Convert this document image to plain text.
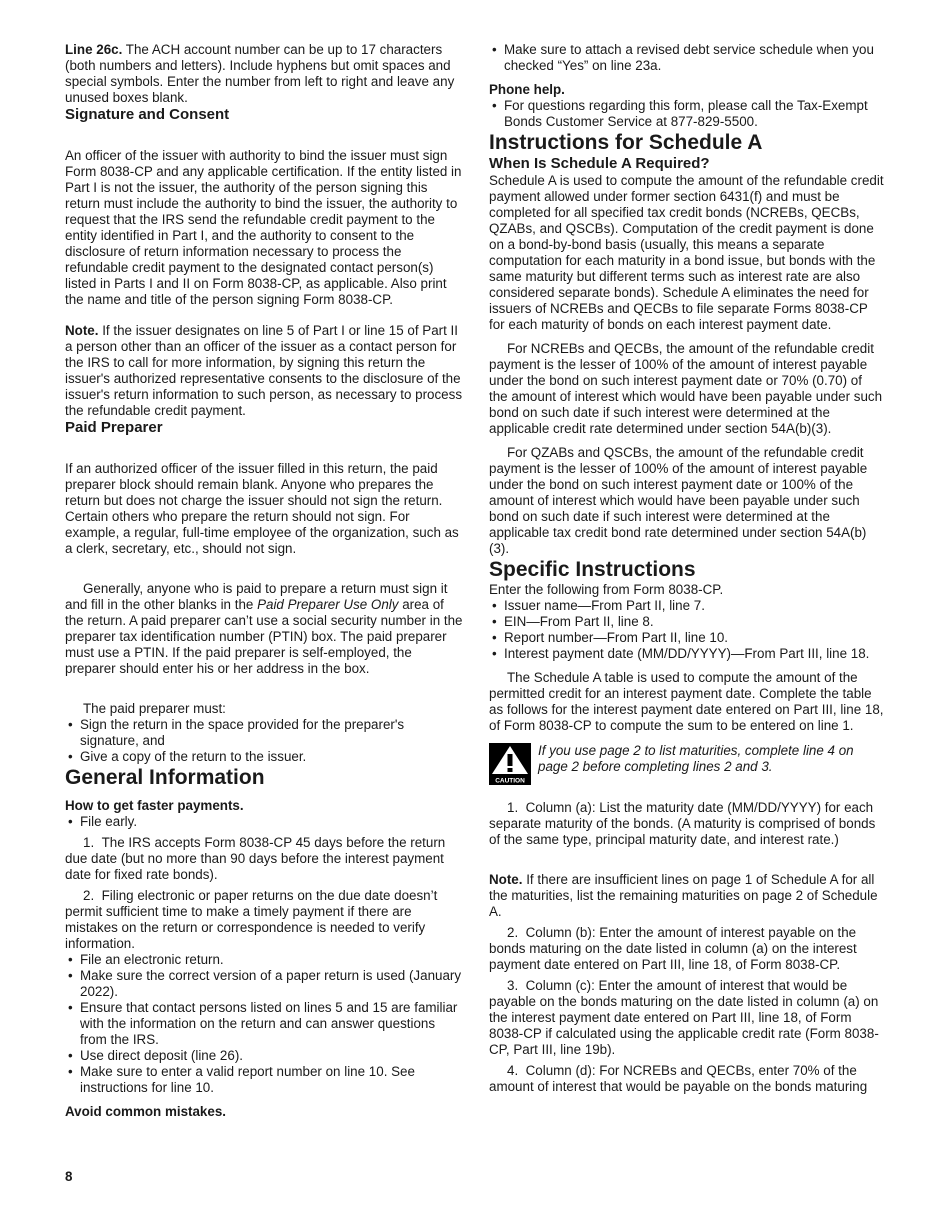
Line 26c. The ACH account number can be up to 17 characters (both numbers and letters). Include hyphens but omit spaces and special symbols. Enter the number from left to right and leave any unused boxes blank.

Signature and Consent

An officer of the issuer with authority to bind the issuer must sign Form 8038-CP and any applicable certification. If the entity listed in Part I is not the issuer, the authority of the person signing this return must include the authority to bind the issuer, the authority to request that the IRS send the refundable credit payment to the entity identified in Part I, and the authority to consent to the disclosure of return information necessary to process the refundable credit payment to the designated contact person(s) listed in Parts I and II on Form 8038-CP, as applicable. Also print the name and title of the person signing Form 8038-CP.

Note. If the issuer designates on line 5 of Part I or line 15 of Part II a person other than an officer of the issuer as a contact person for the IRS to call for more information, by signing this return the issuer's authorized representative consents to the disclosure of the issuer's return information to such person, as necessary to process the refundable credit payment.

Paid Preparer

If an authorized officer of the issuer filled in this return, the paid preparer block should remain blank. Anyone who prepares the return but does not charge the issuer should not sign the return. Certain others who prepare the return should not sign. For example, a regular, full-time employee of the organization, such as a clerk, secretary, etc., should not sign.

Generally, anyone who is paid to prepare a return must sign it and fill in the other blanks in the Paid Preparer Use Only area of the return. A paid preparer can’t use a social security number in the preparer tax identification number (PTIN) box. The paid preparer must use a PTIN. If the paid preparer is self-employed, the preparer should enter his or her address in the box.

The paid preparer must:

• Sign the return in the space provided for the preparer's signature, and
• Give a copy of the return to the issuer.
General Information

How to get faster payments.

• File early.

1.  The IRS accepts Form 8038-CP 45 days before the return due date (but no more than 90 days before the interest payment date for fixed rate bonds).

2.  Filing electronic or paper returns on the due date doesn’t permit sufficient time to make a timely payment if there are mistakes on the return or correspondence is needed to verify information.

• File an electronic return.
• Make sure the correct version of a paper return is used (January 2022).
• Ensure that contact persons listed on lines 5 and 15 are familiar with the information on the return and can answer questions from the IRS.
• Use direct deposit (line 26).
• Make sure to enter a valid report number on line 10. See instructions for line 10.

Avoid common mistakes.

8
• Make sure to attach a revised debt service schedule when you checked “Yes” on line 23a.

Phone help.

• For questions regarding this form, please call the Tax-Exempt Bonds Customer Service at 877-829-5500.
Instructions for Schedule A
When Is Schedule A Required?

Schedule A is used to compute the amount of the refundable credit payment allowed under former section 6431(f) and must be completed for all specified tax credit bonds (NCREBs, QECBs, QZABs, and QSCBs). Computation of the credit payment is done on a bond-by-bond basis (usually, this means a separate computation for each maturity in a bond issue, but bonds with the same maturity but different terms such as interest rate are also considered separate bonds). Schedule A eliminates the need for issuers of NCREBs and QECBs to file separate Forms 8038-CP for each maturity of bonds on each interest payment date.

For NCREBs and QECBs, the amount of the refundable credit payment is the lesser of 100% of the amount of interest payable under the bond on such interest payment date or 70% (0.70) of the amount of interest which would have been payable under such bond on such date if such interest were determined at the applicable credit rate determined under section 54A(b)(3).

For QZABs and QSCBs, the amount of the refundable credit payment is the lesser of 100% of the amount of interest payable under the bond on such interest payment date or 100% of the amount of interest which would have been payable under such bond on such date if such interest were determined at the applicable tax credit bond rate determined under section 54A(b)(3).

Specific Instructions

Enter the following from Form 8038-CP.

• Issuer name—From Part II, line 7.
• EIN—From Part II, line 8.
• Report number—From Part II, line 10.
• Interest payment date (MM/DD/YYYY)—From Part III, line 18.

The Schedule A table is used to compute the amount of the permitted credit for an interest payment date. Complete the table as follows for the interest payment date entered on Part III, line 18, of Form 8038-CP to compute the sum to be entered on line 1.

CAUTION

If you use page 2 to list maturities, complete line 4 on page 2 before completing lines 2 and 3.

1.  Column (a): List the maturity date (MM/DD/YYYY) for each separate maturity of the bonds. (A maturity is comprised of bonds of the same type, principal maturity date, and interest rate.)

Note. If there are insufficient lines on page 1 of Schedule A for all the maturities, list the remaining maturities on page 2 of Schedule A.

2.  Column (b): Enter the amount of interest payable on the bonds maturing on the date listed in column (a) on the interest payment date entered on Part III, line 18, of Form 8038-CP.

3.  Column (c): Enter the amount of interest that would be payable on the bonds maturing on the date listed in column (a) on the interest payment date entered on Part III, line 18, of Form 8038-CP if calculated using the applicable credit rate (Form 8038-CP, Part III, line 19b).

4.  Column (d): For NCREBs and QECBs, enter 70% of the amount of interest that would be payable on the bonds maturing
